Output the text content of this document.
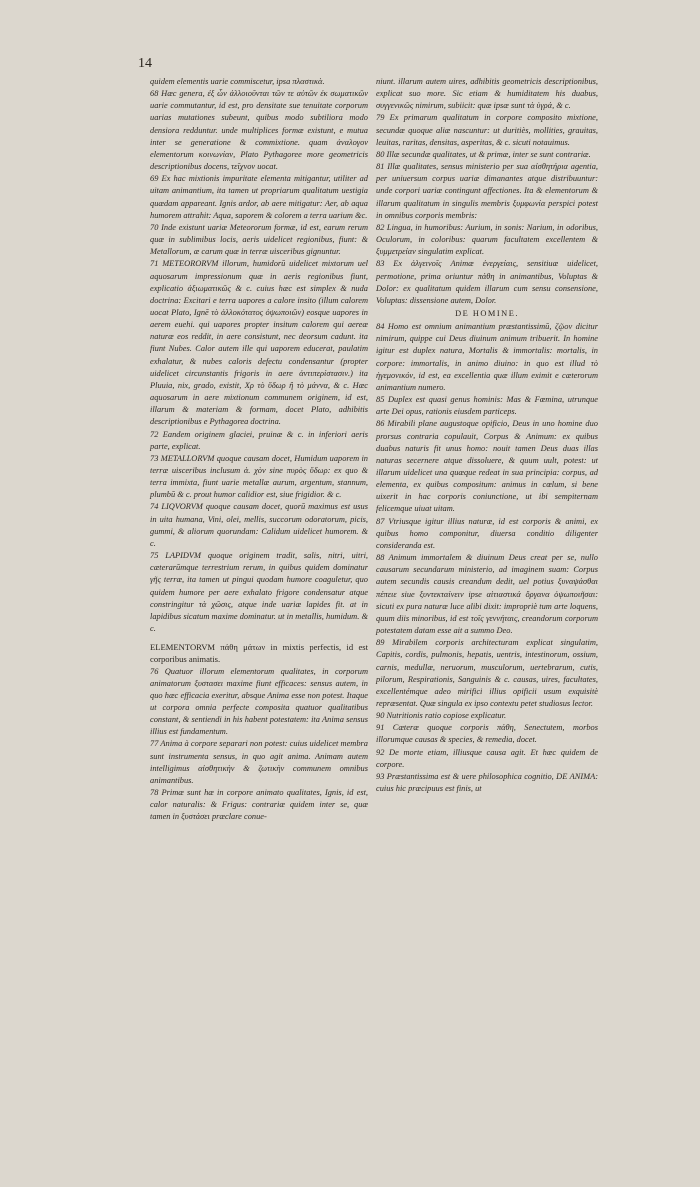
14

quidem elementis uarie commiscetur, ipsa πλαστικὰ.

68 Hæc genera, ἐξ ὧν ἀλλοιοῦνται τῶν τε αὐτῶν ἐκ σωματικῶν uarie commutantur, id est, pro densitate sue tenuitate corporum uarias mutationes subeunt, quibus modo subtiliora modo densiora redduntur. unde multiplices formæ existunt, e mutua inter se generatione & commixtione. quam ἀναλογον elementorum κοινωνίαν, Plato Pythagoree more geometricis descriptionibus docens, τεῖχνον uocat.

69 Ex hac mixtionis impuritate elementa mitigantur, utiliter ad uitam animantium, ita tamen ut propriarum qualitatum uestigia quædam appareant. Ignis ardor, ab aere mitigatur: Aer, ab aqua humorem attrahit: Aqua, saporem & colorem a terra uarium &c.

70 Inde existunt uariæ Meteororum formæ, id est, earum rerum quæ in sublimibus locis, aeris uidelicet regionibus, fiunt: & Metallorum, æ carum quæ in terræ uisceribus gignuntur.

71 METEORORVM illorum, humidorū uidelicet mixtorum uel aquosarum impressionum quæ in aeris regionibus fiunt, explicatio ἀξιωματικῶς & c. cuius hæc est simplex & nuda doctrina: Excitari e terra uapores a calore insito (illum calorem uocat Plato, Ignē τὸ ἀλλοκότατος ὀψωποιῶν) eosque uapores in aerem euehi. qui uapores propter insitum calorem qui aereæ naturæ eos reddit, in aere consistunt, nec deorsum cadunt. ita fiunt Nubes. Calor autem ille qui uaporem educerat, paulatim exhalatur, & nubes caloris defectu condensantur (propter uidelicet circunstantis frigoris in aere ἀντιπερίστασιν.) ita Pluuia, nix, grado, existit, Χρ τὸ ὕδωρ ἢ τὸ μάννα, & c. Hæc aquosarum in aere mixtionum communem originem, id est, illarum & materiam & formam, docet Plato, adhibitis descriptionibus e Pythagorea doctrina.

72 Eandem originem glaciei, pruinæ & c. in inferiori aeris parte, explicat.

73 METALLORVM quoque causam docet, Humidum uaporem in terræ uisceribus inclusum ἀ. χὸν sine πυρὸς ὕδωρ: ex quo & terra immixta, fiunt uarie metallæ aurum, argentum, stannum, plumbū & c. prout humor calidior est, siue frigidior. & c.

74 LIQVORVM quoque causam docet, quorū maximus est usus in uita humana, Vini, olei, mellis, succorum odoratorum, picis, gummi, & aliorum quorundam: Calidum uidelicet humorem. & c.

75 LAPIDVM quoque originem tradit, salis, nitri, uitri, cæterarūmque terrestrium rerum, in quibus quidem dominatur γῆς terræ, ita tamen ut pingui quodam humore coaguletur, quo quidem humore per aere exhalato frigore condensatur atque constringitur τὰ χῶσις, atque inde uariæ lapides fit. at in lapidibus sicatum maxime dominatur. ut in metallis, humidum. & c.

ELEMENTORVM πάθη μάτων in mixtis perfectis, id est corporibus animatis.

76 Quatuor illorum elementorum qualitates, in corporum animatorum ξυστασει maxime fiunt efficaces: sensus autem, in quo hæc efficacia exeritur, absque Anima esse non potest. Itaque ut corpora omnia perfecte composita quatuor qualitatibus constant, & sentiendi in his habent potestatem: ita Anima sensus illius est fundamentum.

77 Anima à corpore separari non potest: cuius uidelicet membra sunt instrumenta sensus, in quo agit anima. Animam autem intelligimus αἰσθητικὴν & ζωτικὴν communem omnibus animantibus.

78 Primæ sunt hæ in corpore animato qualitates, Ignis, id est, calor naturalis: & Frigus: contrariæ quidem inter se, quæ tamen in ξυστάσει præclare conue-

niunt. illarum autem uires, adhibitis geometricis descriptionibus, explicat suo more. Sic etiam & humiditatem his duabus, συγγενικῶς nimirum, subiicit: quæ ipsæ sunt τὰ ὑγρά, & c.

79 Ex primarum qualitatum in corpore composito mixtione, secundæ quoque aliæ nascuntur: ut duritiès, mollities, grauitas, leuitas, raritas, densitas, asperitas, & c. sicuti notauimus.

80 Illæ secundæ qualitates, ut & primæ, inter se sunt contrariæ.

81 Illæ qualitates, sensus ministerio per sua αἰσθητήρια agentia, per uniuersum corpus uariæ dimanantes atque distribuuntur: unde corpori uariæ contingunt affectiones. Ita & elementorum & illarum qualitatum in singulis membris ξυμφωνία perspici potest in omnibus corporis membris:

82 Lingua, in humoribus: Aurium, in sonis: Narium, in odoribus, Oculorum, in coloribus: quarum facultatem excellentem & ξυμμετρείαν singulatim explicat.

83 Ex ἀλγεινοῖς Animæ ἐνεργείαις, sensitiuæ uidelicet, permotione, prima oriuntur πάθη in animantibus, Voluptas & Dolor: ex qualitatum quidem illarum cum sensu consensione, Voluptas: dissensione autem, Dolor.

DE HOMINE.

84 Homo est omnium animantium præstantissimū, ζῷον dicitur nimirum, quippe cui Deus diuinum animum tribuerit. In homine igitur est duplex natura, Mortalis & immortalis: mortalis, in corpore: immortalis, in animo diuino: in quo est illud τὸ ἡγεμονικόν, id est, ea excellentia quæ illum eximit e cæterorum animantium numero.

85 Duplex est quasi genus hominis: Mas & Fœmina, utrunque arte Dei opus, rationis eiusdem particeps.

86 Mirabili plane augustoque opificio, Deus in uno homine duo prorsus contraria copulauit, Corpus & Animum: ex quibus duabus naturis fit unus homo: nouit tamen Deus duas illas naturas secernere atque dissoluere, & quum uult, potest: ut illarum uidelicet una quæque redeat in sua principia: corpus, ad elementa, ex quibus compositum: animus in cœlum, si bene uixerit in hac corporis coniunctione, ut ibi sempiternam felicemque uiuat uitam.

87 Vtriusque igitur illius naturæ, id est corporis & animi, ex quibus homo componitur, diuersa conditio diligenter consideranda est.

88 Animum immortalem & diuinum Deus creat per se, nullo causarum secundarum ministerio, ad imaginem suam: Corpus autem secundis causis creandum dedit, uel potius ξυναψάσθαι πέπειε siue ξυντεκταίνειν ipse αἰτιαστικά ὄργανα ὀψωποιῆσαι: sicuti ex pura naturæ luce alibi dixit: impropriè tum arte loquens, quum diis minoribus, id est τοῖς γεννήταις, creandorum corporum potestatem datam esse ait a summo Deo.

89 Mirabilem corporis architecturam explicat singulatim, Capitis, cordis, pulmonis, hepatis, uentris, intestinorum, ossium, carnis, medullæ, neruorum, musculorum, uertebrarum, cutis, pilorum, Respirationis, Sanguinis & c. causas, uires, facultates, excellentémque adeo mirifici illius opificii usum exquisitè repræsentat. Quæ singula ex ipso contextu petet studiosus lector.

90 Nutritionis ratio copiose explicatur.

91 Cæteræ quoque corporis πάθη, Senectutem, morbos illorumque causas & species, & remedia, docet.

92 De morte etiam, illiusque causa agit. Et hæc quidem de corpore.

93 Præstantissima est & uere philosophica cognitio, DE ANIMA: cuius hic præcipuus est finis, ut
